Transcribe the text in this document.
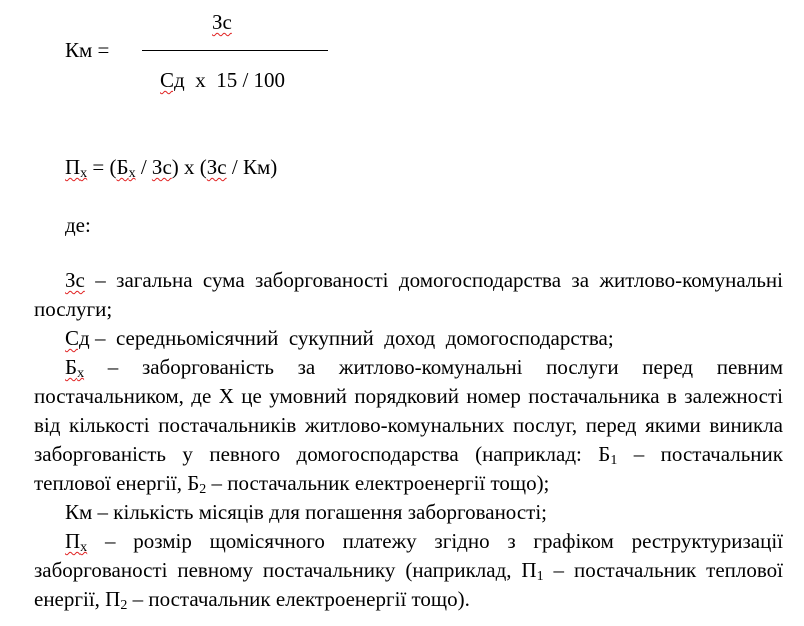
Км =
Зс
Сд  x  15 / 100
$П_х = (Б_х / Зс)$ x (Зс / Км)
де:

Зс – загальна сума заборгованості домогосподарства за житлово-комунальні послуги;

Сд –  середньомісячний  сукупний  доход  домогосподарства;

$Б_х$ – заборгованість за житлово-комунальні послуги перед певним постачальником, де Х це умовний порядковий номер постачальника в залежності від кількості постачальників житлово-комунальних послуг, перед якими виникла заборгованість у певного домогосподарства (наприклад: $Б_1$ – постачальник теплової енергії, $Б_2$ – постачальник електроенергії тощо);

Км – кількість місяців для погашення заборгованості;

$П_х$ – розмір щомісячного платежу згідно з графіком реструктуризації заборгованості певному постачальнику (наприклад, $П_1$ – постачальник теплової енергії, $П_2$ – постачальник електроенергії тощо).
